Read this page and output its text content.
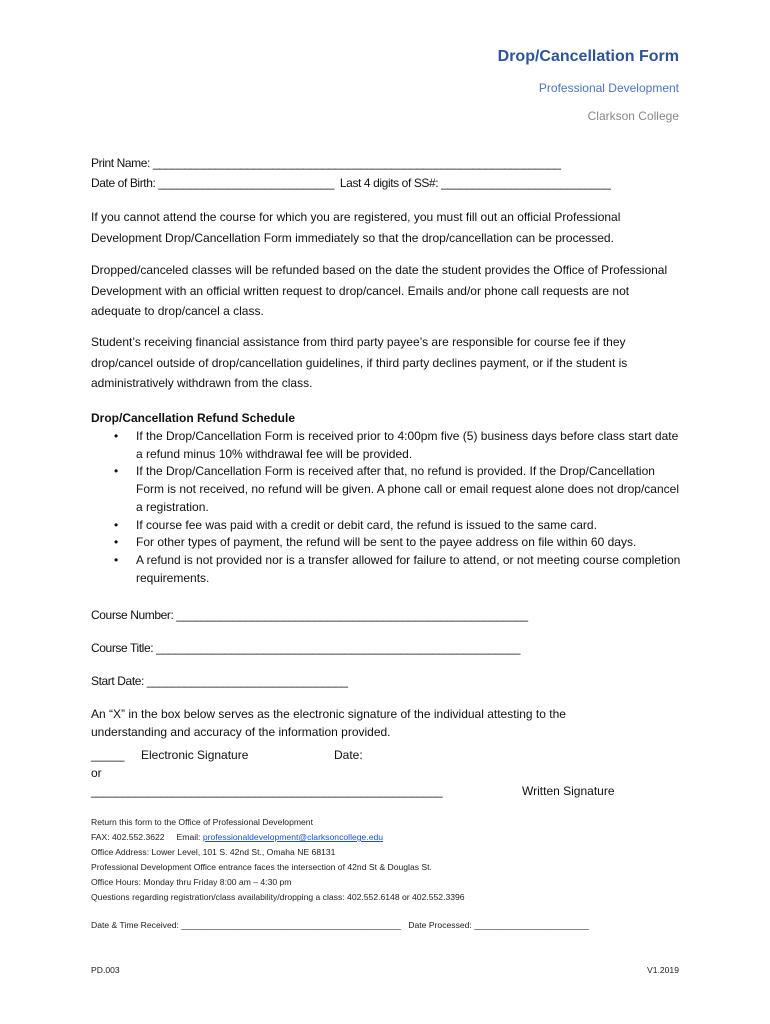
Drop/Cancellation Form
Professional Development
Clarkson College
Print Name: _________________________________________________________________
Date of Birth: ____________________________  Last 4 digits of SS#: ___________________________
If you cannot attend the course for which you are registered, you must fill out an official Professional Development Drop/Cancellation Form immediately so that the drop/cancellation can be processed.
Dropped/canceled classes will be refunded based on the date the student provides the Office of Professional Development with an official written request to drop/cancel. Emails and/or phone call requests are not adequate to drop/cancel a class.
Student’s receiving financial assistance from third party payee’s are responsible for course fee if they drop/cancel outside of drop/cancellation guidelines, if third party declines payment, or if the student is administratively withdrawn from the class.
Drop/Cancellation Refund Schedule
• If the Drop/Cancellation Form is received prior to 4:00pm five (5) business days before class start date a refund minus 10% withdrawal fee will be provided.
• If the Drop/Cancellation Form is received after that, no refund is provided. If the Drop/Cancellation Form is not received, no refund will be given. A phone call or email request alone does not drop/cancel a registration.
• If course fee was paid with a credit or debit card, the refund is issued to the same card.
• For other types of payment, the refund will be sent to the payee address on file within 60 days.
• A refund is not provided nor is a transfer allowed for failure to attend, or not meeting course completion requirements.
Course Number: ________________________________________________________
Course Title: __________________________________________________________
Start Date: ________________________________
An “X” in the box below serves as the electronic signature of the individual attesting to the understanding and accuracy of the information provided.
_____ Electronic Signature	Date:
or
________________________________________________________	Written Signature
Return this form to the Office of Professional Development
FAX: 402.552.3622 Email: professionaldevelopment@clarksoncollege.edu
Office Address: Lower Level, 101 S. 42nd St., Omaha NE 68131
Professional Development Office entrance faces the intersection of 42nd St & Douglas St.
Office Hours: Monday thru Friday 8:00 am – 4:30 pm
Questions regarding registration/class availability/dropping a class: 402.552.6148 or 402.552.3396
Date & Time Received: ______________________________________________   Date Processed: ________________________
PD.003	V1.2019
